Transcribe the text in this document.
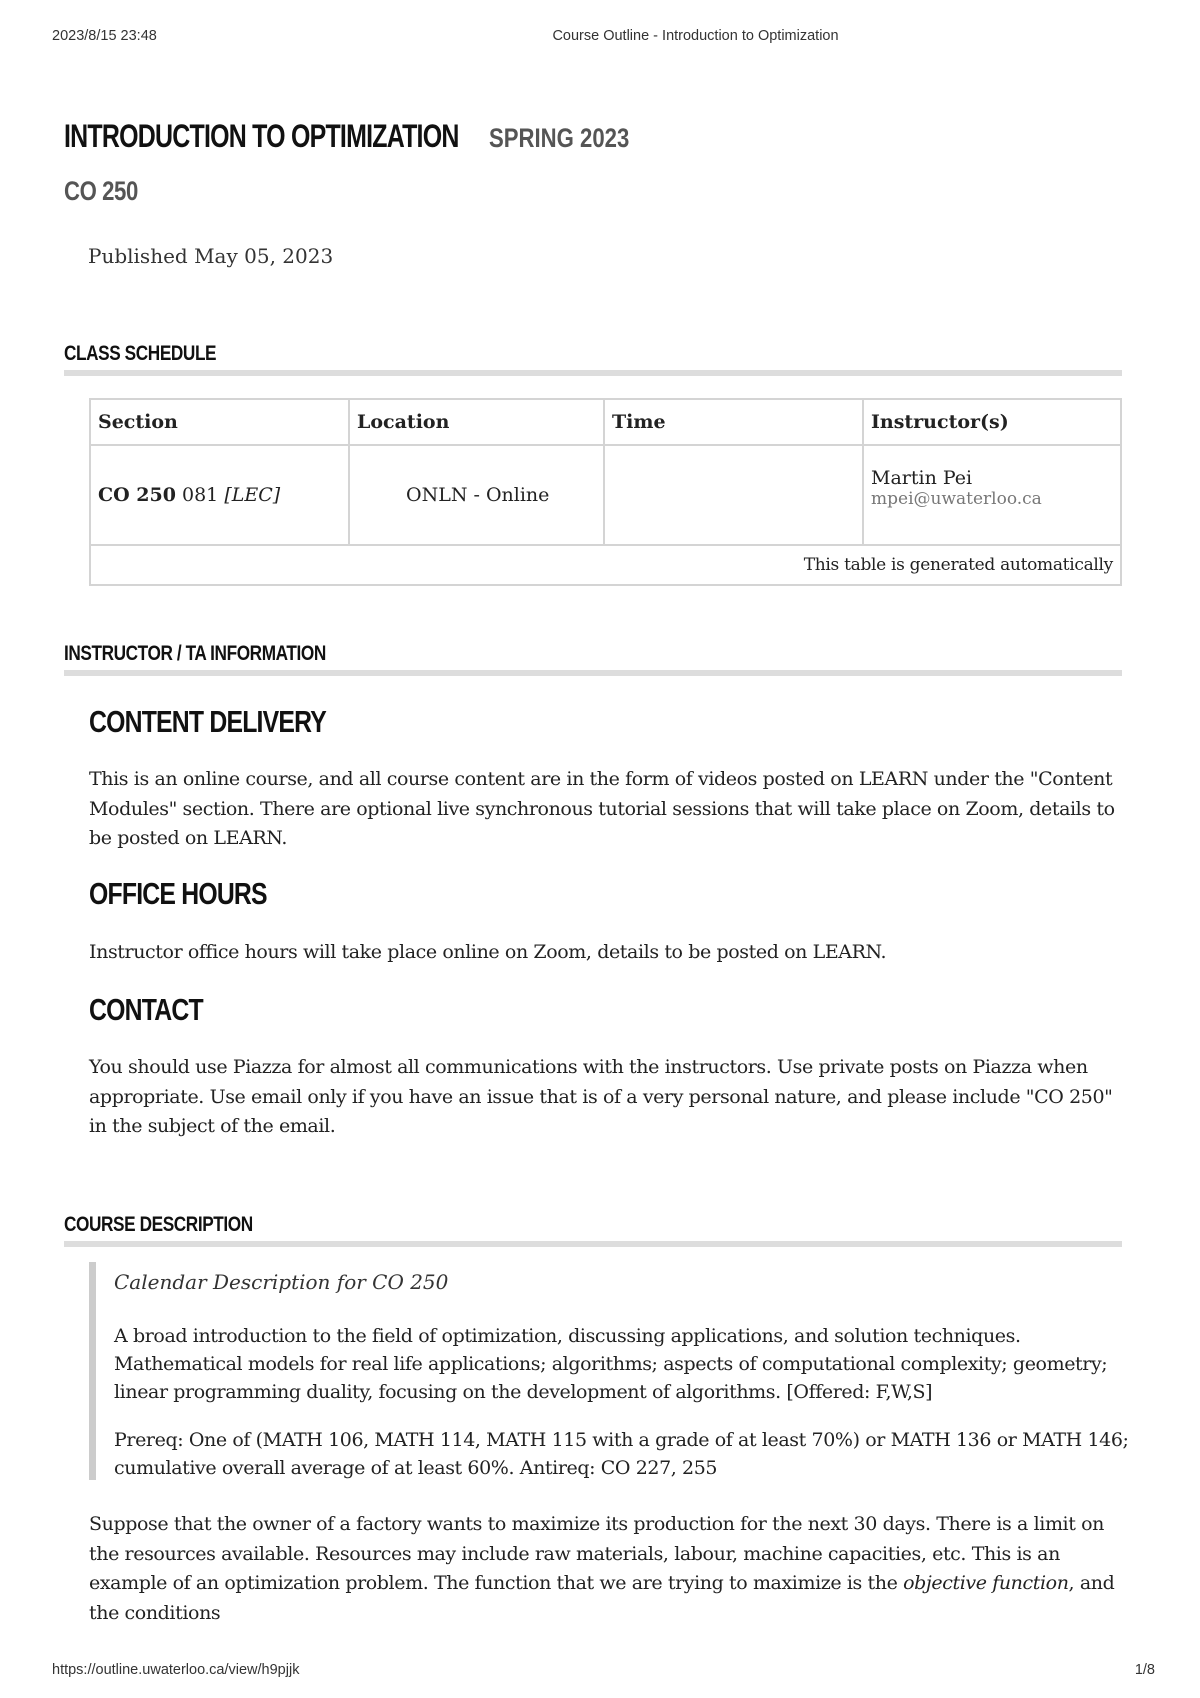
2023/8/15 23:48	Course Outline - Introduction to Optimization
INTRODUCTION TO OPTIMIZATION SPRING 2023
CO 250
Published May 05, 2023
CLASS SCHEDULE
Section	Location	Time	Instructor(s)
CO 250 081 [LEC]	ONLN - Online		Martin Pei
mpei@uwaterloo.ca

This table is generated automatically			
INSTRUCTOR / TA INFORMATION
CONTENT DELIVERY

This is an online course, and all course content are in the form of videos posted on LEARN under the "Content Modules" section. There are optional live synchronous tutorial sessions that will take place on Zoom, details to be posted on LEARN.

OFFICE HOURS

Instructor office hours will take place online on Zoom, details to be posted on LEARN.

CONTACT

You should use Piazza for almost all communications with the instructors. Use private posts on Piazza when appropriate. Use email only if you have an issue that is of a very personal nature, and please include "CO 250" in the subject of the email.

COURSE DESCRIPTION
Calendar Description for CO 250

A broad introduction to the field of optimization, discussing applications, and solution techniques. Mathematical models for real life applications; algorithms; aspects of computational complexity; geometry; linear programming duality, focusing on the development of algorithms. [Offered: F,W,S]

Prereq: One of (MATH 106, MATH 114, MATH 115 with a grade of at least 70%) or MATH 136 or MATH 146; cumulative overall average of at least 60%. Antireq: CO 227, 255

Suppose that the owner of a factory wants to maximize its production for the next 30 days. There is a limit on the resources available. Resources may include raw materials, labour, machine capacities, etc. This is an example of an optimization problem. The function that we are trying to maximize is the objective function, and the conditions

https://outline.uwaterloo.ca/view/h9pjjk	1/8
